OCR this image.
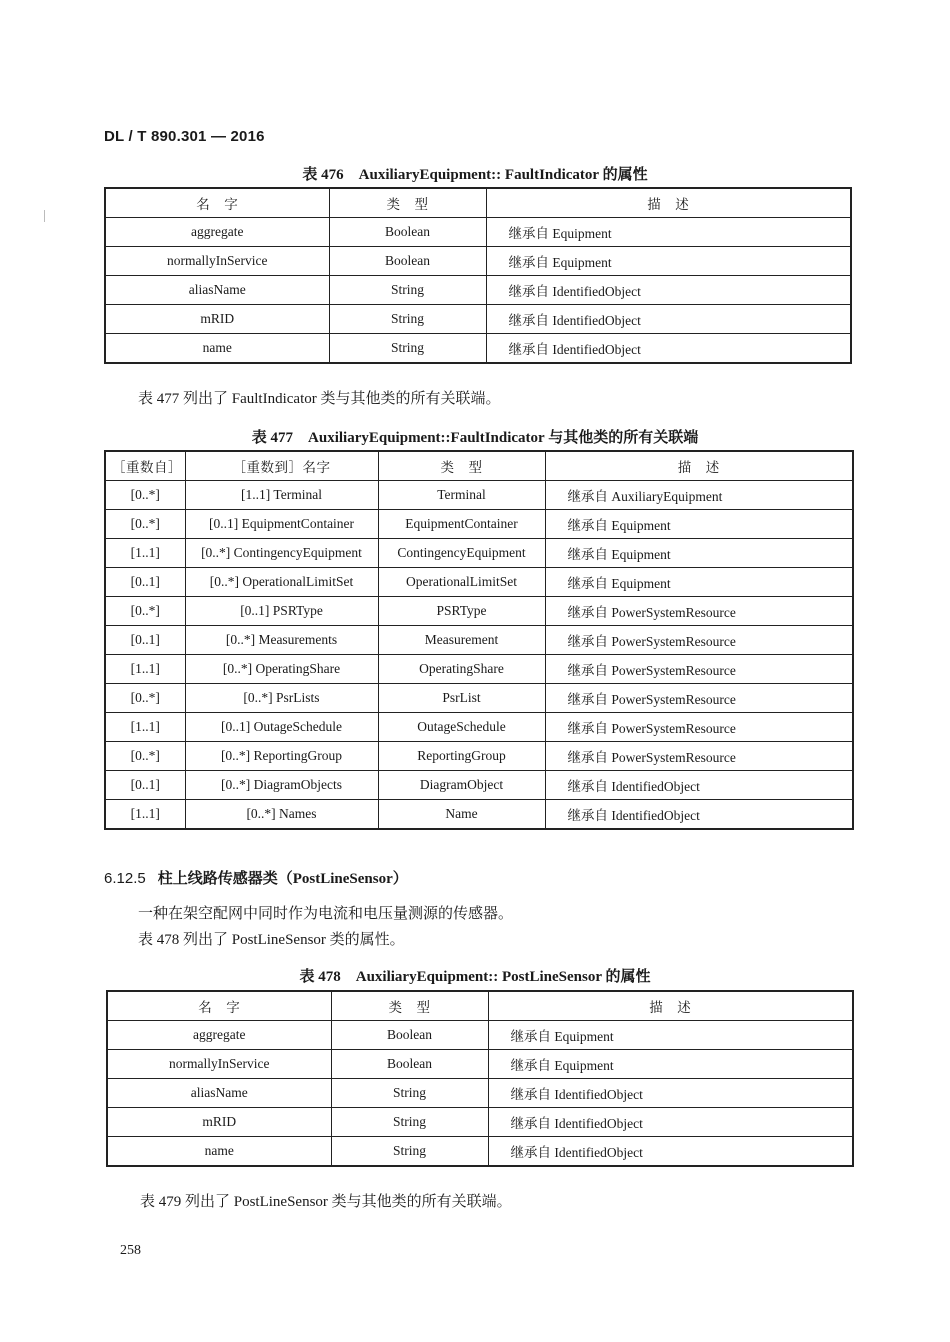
DL / T 890.301 — 2016
表 476　AuxiliaryEquipment:: FaultIndicator 的属性
名　字	类　型	描　述
aggregate	Boolean	继承自 Equipment
normallyInService	Boolean	继承自 Equipment
aliasName	String	继承自 IdentifiedObject
mRID	String	继承自 IdentifiedObject
name	String	继承自 IdentifiedObject
表 477 列出了 FaultIndicator 类与其他类的所有关联端。
表 477　AuxiliaryEquipment::FaultIndicator 与其他类的所有关联端
［重数自］	［重数到］名字	类　型	描　述
[0..*]	[1..1] Terminal	Terminal	继承自 AuxiliaryEquipment
[0..*]	[0..1] EquipmentContainer	EquipmentContainer	继承自 Equipment
[1..1]	[0..*] ContingencyEquipment	ContingencyEquipment	继承自 Equipment
[0..1]	[0..*] OperationalLimitSet	OperationalLimitSet	继承自 Equipment
[0..*]	[0..1] PSRType	PSRType	继承自 PowerSystemResource
[0..1]	[0..*] Measurements	Measurement	继承自 PowerSystemResource
[1..1]	[0..*] OperatingShare	OperatingShare	继承自 PowerSystemResource
[0..*]	[0..*] PsrLists	PsrList	继承自 PowerSystemResource
[1..1]	[0..1] OutageSchedule	OutageSchedule	继承自 PowerSystemResource
[0..*]	[0..*] ReportingGroup	ReportingGroup	继承自 PowerSystemResource
[0..1]	[0..*] DiagramObjects	DiagramObject	继承自 IdentifiedObject
[1..1]	[0..*] Names	Name	继承自 IdentifiedObject
6.12.5 柱上线路传感器类（PostLineSensor）
一种在架空配网中同时作为电流和电压量测源的传感器。
表 478 列出了 PostLineSensor 类的属性。
表 478　AuxiliaryEquipment:: PostLineSensor 的属性
名　字	类　型	描　述
aggregate	Boolean	继承自 Equipment
normallyInService	Boolean	继承自 Equipment
aliasName	String	继承自 IdentifiedObject
mRID	String	继承自 IdentifiedObject
name	String	继承自 IdentifiedObject
表 479 列出了 PostLineSensor 类与其他类的所有关联端。
258
